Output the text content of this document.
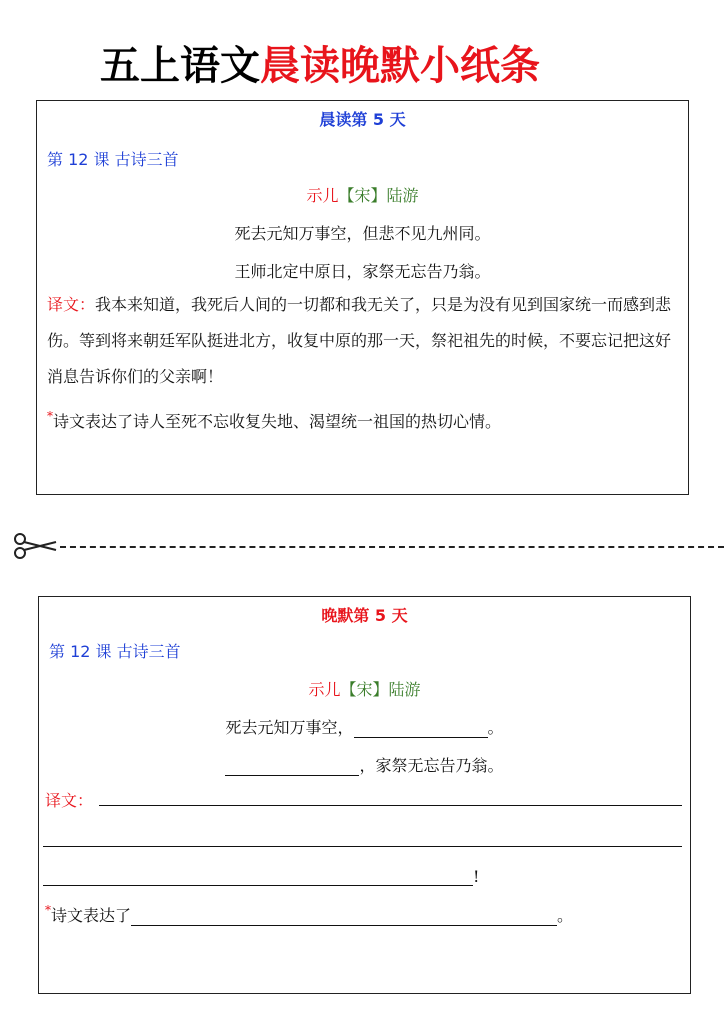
五上语文晨读晚默小纸条
晨读第 5 天
第 12 课 古诗三首
示儿【宋】陆游
死去元知万事空，但悲不见九州同。
王师北定中原日，家祭无忘告乃翁。
译文：我本来知道，我死后人间的一切都和我无关了，只是为没有见到国家统一而感到悲伤。等到将来朝廷军队挺进北方，收复中原的那一天，祭祀祖先的时候，不要忘记把这好消息告诉你们的父亲啊！
*诗文表达了诗人至死不忘收复失地、渴望统一祖国的热切心情。
晚默第 5 天
第 12 课 古诗三首
示儿【宋】陆游
死去元知万事空，	。
，家祭无忘告乃翁。
译文：
!
*诗文表达了	。
